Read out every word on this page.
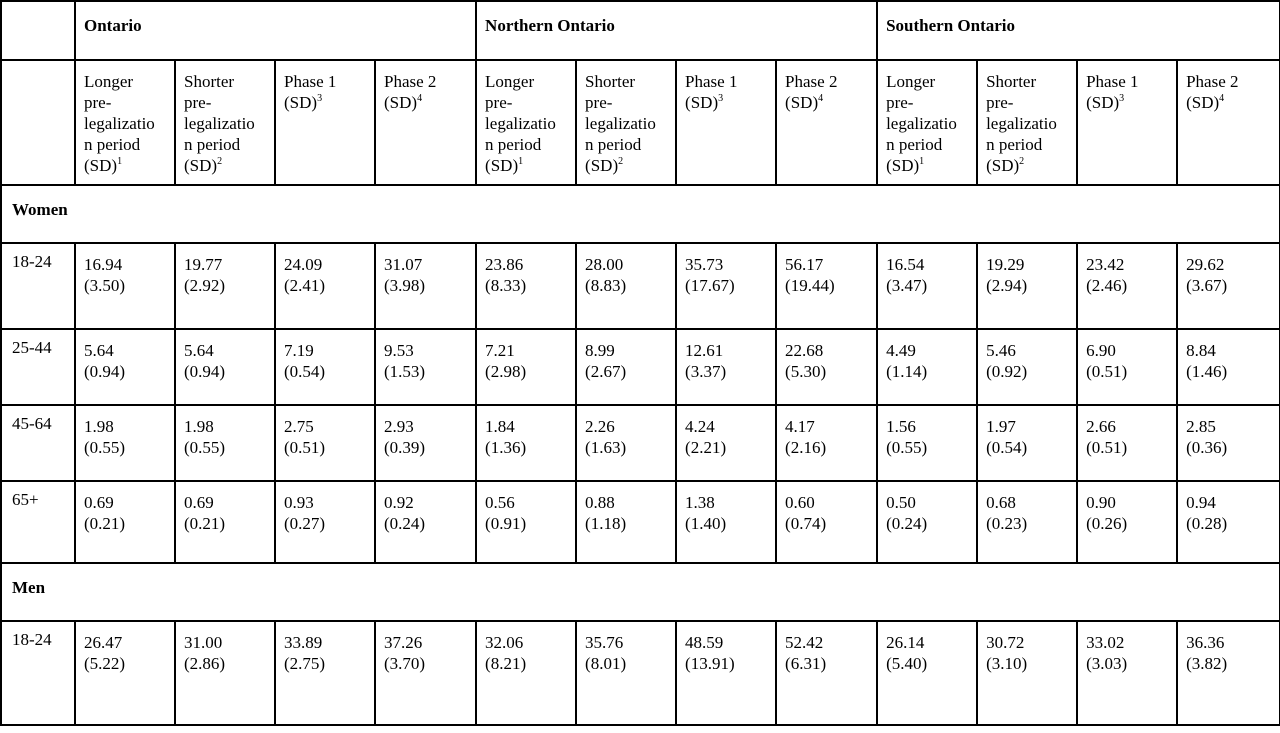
	Ontario				Northern Ontario				Southern Ontario			

	Longer
pre-
legalizatio
n period
(SD)$^1$	Shorter
pre-
legalizatio
n period
(SD)$^2$	Phase 1
(SD)$^3$	Phase 2
(SD)$^4$	Longer
pre-
legalizatio
n period
(SD)$^1$	Shorter
pre-
legalizatio
n period
(SD)$^2$	Phase 1
(SD)$^3$	Phase 2
(SD)$^4$	Longer
pre-
legalizatio
n period
(SD)$^1$	Shorter
pre-
legalizatio
n period
(SD)$^2$	Phase 1
(SD)$^3$	Phase 2
(SD)$^4$

Women												
18-24	16.94
(3.50)	19.77
(2.92)	24.09
(2.41)	31.07
(3.98)	23.86
(8.33)	28.00
(8.83)	35.73
(17.67)	56.17
(19.44)	16.54
(3.47)	19.29
(2.94)	23.42
(2.46)	29.62
(3.67)

25-44	5.64
(0.94)	5.64
(0.94)	7.19
(0.54)	9.53
(1.53)	7.21
(2.98)	8.99
(2.67)	12.61
(3.37)	22.68
(5.30)	4.49
(1.14)	5.46
(0.92)	6.90
(0.51)	8.84
(1.46)

45-64	1.98
(0.55)	1.98
(0.55)	2.75
(0.51)	2.93
(0.39)	1.84
(1.36)	2.26
(1.63)	4.24
(2.21)	4.17
(2.16)	1.56
(0.55)	1.97
(0.54)	2.66
(0.51)	2.85
(0.36)

65+	0.69
(0.21)	0.69
(0.21)	0.93
(0.27)	0.92
(0.24)	0.56
(0.91)	0.88
(1.18)	1.38
(1.40)	0.60
(0.74)	0.50
(0.24)	0.68
(0.23)	0.90
(0.26)	0.94
(0.28)

Men												
18-24	26.47
(5.22)	31.00
(2.86)	33.89
(2.75)	37.26
(3.70)	32.06
(8.21)	35.76
(8.01)	48.59
(13.91)	52.42
(6.31)	26.14
(5.40)	30.72
(3.10)	33.02
(3.03)	36.36
(3.82)
